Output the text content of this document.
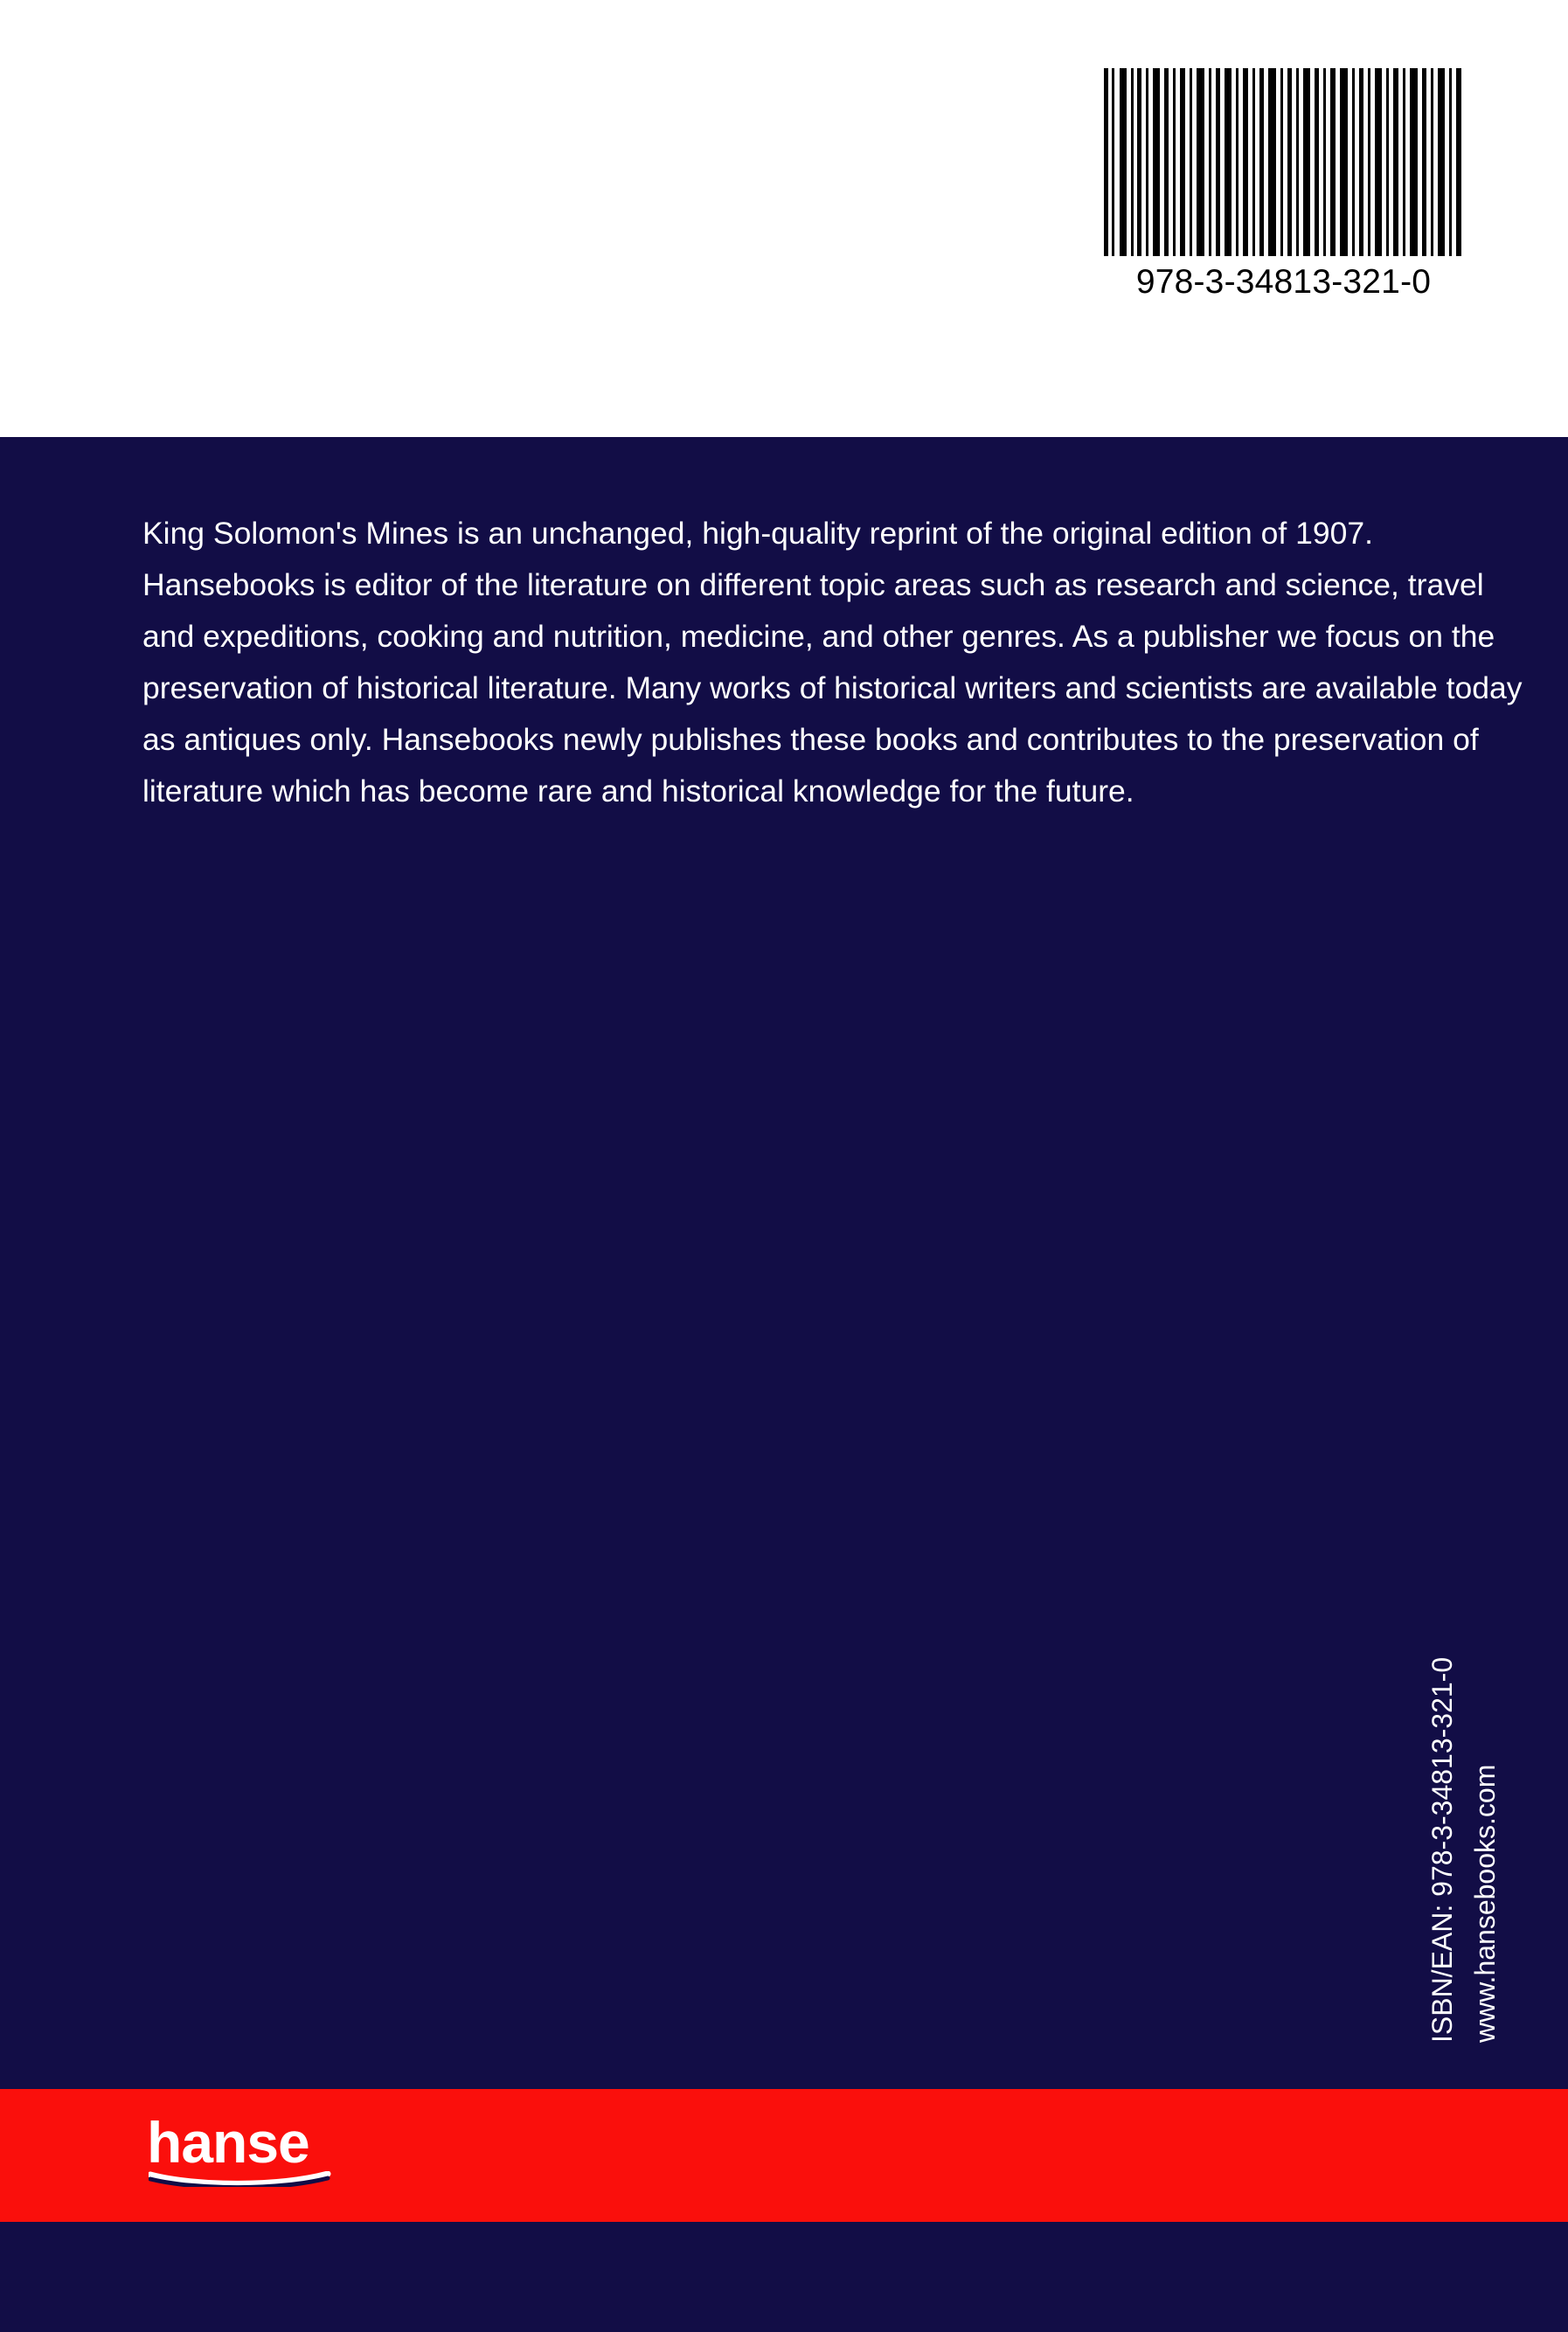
978-3-34813-321-0

King Solomon's Mines is an unchanged, high-quality reprint of the original edition of 1907.

Hansebooks is editor of the literature on different topic areas such as research and science, travel and expeditions, cooking and nutrition, medicine, and other genres. As a publisher we focus on the preservation of historical literature. Many works of historical writers and scientists are available today as antiques only. Hansebooks newly publishes these books and contributes to the preservation of literature which has become rare and historical knowledge for the future.

ISBN/EAN: 978-3-34813-321-0 www.hansebooks.com
hanse
